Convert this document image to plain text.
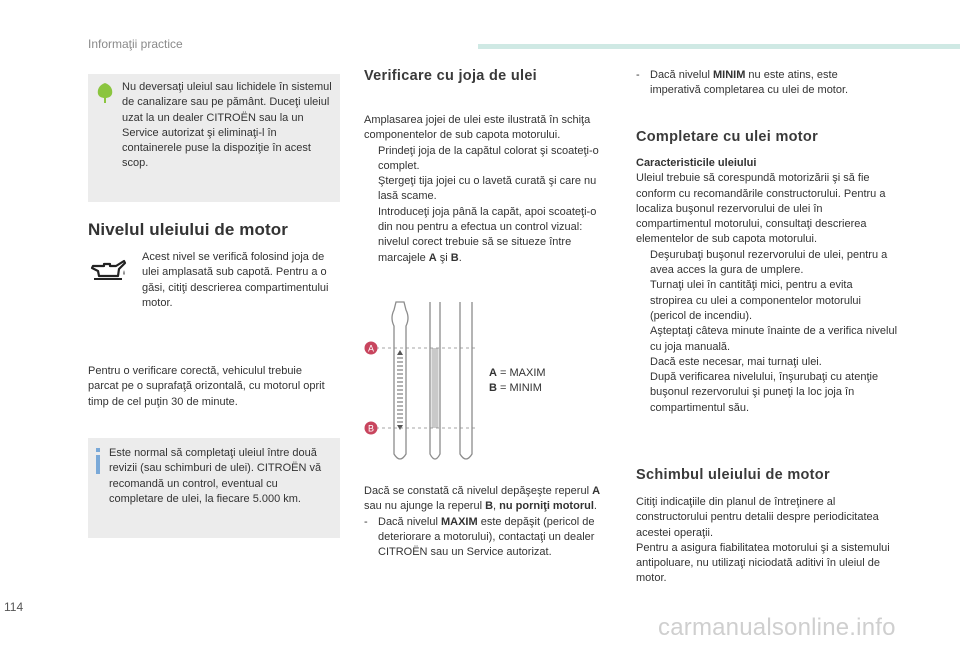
Informaţii practice
Nu deversaţi uleiul sau lichidele în sistemul de canalizare sau pe pământ. Duceţi uleiul uzat la un dealer CITROËN sau la un Service autorizat şi eliminaţi-l în containerele puse la dispoziţie în acest scop.
Nivelul uleiului de motor
Acest nivel se verifică folosind joja de ulei amplasată sub capotă. Pentru a o găsi, citiţi descrierea compartimentului motor.
Pentru o verificare corectă, vehiculul trebuie parcat pe o suprafaţă orizontală, cu motorul oprit timp de cel puţin 30 de minute.
Este normal să completaţi uleiul între două revizii (sau schimburi de ulei). CITROËN vă recomandă un control, eventual cu completare de ulei, la fiecare 5.000 km.
Verificare cu joja de ulei
Amplasarea jojei de ulei este ilustrată în schiţa componentelor de sub capota motorului.
Prindeţi joja de la capătul colorat şi scoateţi-o complet.
Ştergeţi tija jojei cu o lavetă curată şi care nu lasă scame.
Introduceţi joja până la capăt, apoi scoateţi-o din nou pentru a efectua un control vizual: nivelul corect trebuie să se situeze între marcajele A şi B.
A
B
A = MAXIM
B = MINIM
Dacă se constată că nivelul depăşeşte reperul A sau nu ajunge la reperul B, nu porniţi motorul.
- Dacă nivelul MAXIM este depăşit (pericol de deteriorare a motorului), contactaţi un dealer CITROËN sau un Service autorizat.
- Dacă nivelul MINIM nu este atins, este imperativă completarea cu ulei de motor.
Completare cu ulei motor
Caracteristicile uleiului
Uleiul trebuie să corespundă motorizării şi să fie conform cu recomandările constructorului. Pentru a localiza buşonul rezervorului de ulei în compartimentul motorului, consultaţi descrierea elementelor de sub capota motorului.
Deşurubaţi buşonul rezervorului de ulei, pentru a avea acces la gura de umplere.
Turnaţi ulei în cantităţi mici, pentru a evita stropirea cu ulei a componentelor motorului (pericol de incendiu).
Aşteptaţi câteva minute înainte de a verifica nivelul cu joja manuală.
Dacă este necesar, mai turnaţi ulei.
După verificarea nivelului, înşurubaţi cu atenţie buşonul rezervorului şi puneţi la loc joja în compartimentul său.
Schimbul uleiului de motor
Citiţi indicaţiile din planul de întreţinere al constructorului pentru detalii despre periodicitatea acestei operaţii.
Pentru a asigura fiabilitatea motorului şi a sistemului antipoluare, nu utilizaţi niciodată aditivi în uleiul de motor.
114
carmanualsonline.info
